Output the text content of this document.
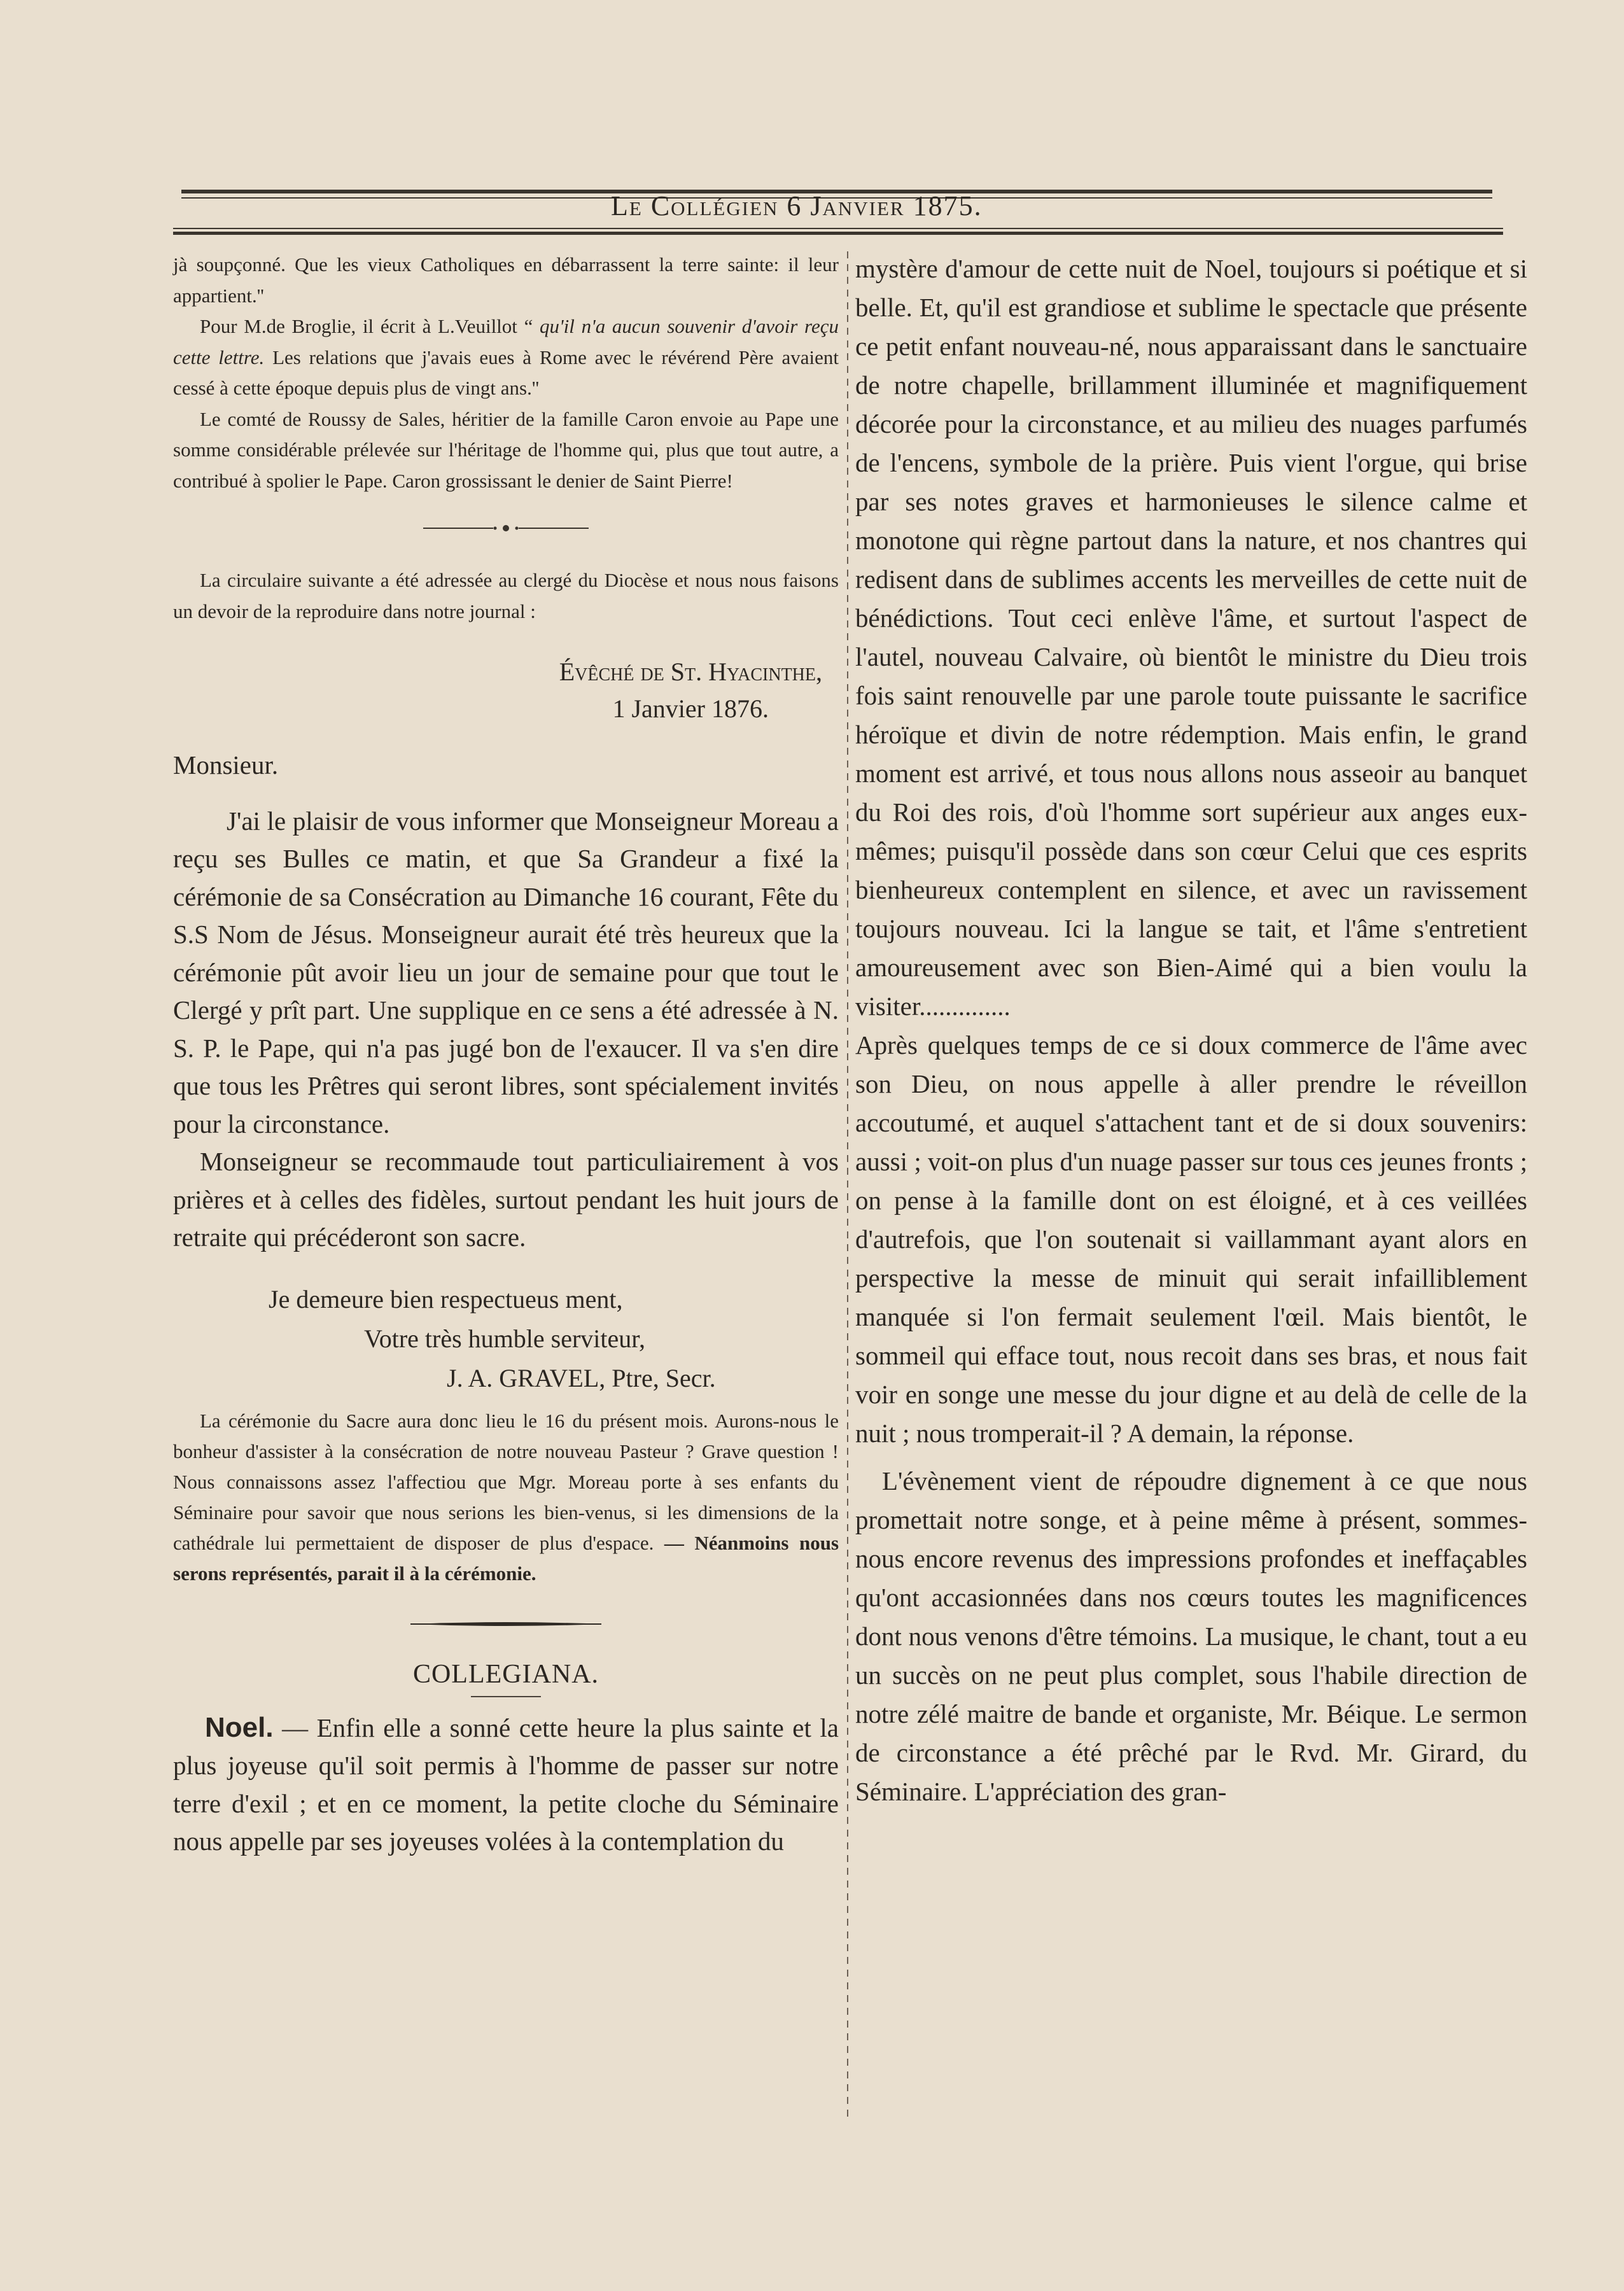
Le Collégien 6 Janvier 1875.

jà soupçonné. Que les vieux Catholiques en débarrassent la terre sainte: il leur appartient.''

Pour M.de Broglie, il écrit à L.Veuillot “ qu'il n'a aucun souvenir d'avoir reçu cette lettre. Les relations que j'avais eues à Rome avec le révérend Père avaient cessé à cette époque depuis plus de vingt ans.''

Le comté de Roussy de Sales, héritier de la famille Caron envoie au Pape une somme considérable prélevée sur l'héritage de l'homme qui, plus que tout autre, a contribué à spolier le Pape. Caron grossissant le denier de Saint Pierre!

La circulaire suivante a été adressée au clergé du Diocèse et nous nous faisons un devoir de la reproduire dans notre journal :

Évêché de St. Hyacinthe,
1 Janvier 1876.

Monsieur.

J'ai le plaisir de vous informer que Monseigneur Moreau a reçu ses Bulles ce matin, et que Sa Grandeur a fixé la cérémonie de sa Consécration au Dimanche 16 courant, Fête du S.S Nom de Jésus. Monseigneur aurait été très heureux que la cérémonie pût avoir lieu un jour de semaine pour que tout le Clergé y prît part. Une supplique en ce sens a été adressée à N. S. P. le Pape, qui n'a pas jugé bon de l'exaucer. Il va s'en dire que tous les Prêtres qui seront libres, sont spécialement invités pour la circonstance.

Monseigneur se recommaude tout particuliairement à vos prières et à celles des fidèles, surtout pendant les huit jours de retraite qui précéderont son sacre.

Je demeure bien respectueus ment,
Votre très humble serviteur,
J. A. GRAVEL, Ptre, Secr.

La cérémonie du Sacre aura donc lieu le 16 du présent mois. Aurons-nous le bonheur d'assister à la consécration de notre nouveau Pasteur ? Grave question ! Nous connaissons assez l'affectiou que Mgr. Moreau porte à ses enfants du Séminaire pour savoir que nous serions les bien-venus, si les dimensions de la cathédrale lui permettaient de disposer de plus d'espace. — Néanmoins nous serons représentés, parait il à la cérémonie.

COLLEGIANA.

Noel. — Enfin elle a sonné cette heure la plus sainte et la plus joyeuse qu'il soit permis à l'homme de passer sur notre terre d'exil ; et en ce moment, la petite cloche du Séminaire nous appelle par ses joyeuses volées à la contemplation du

mystère d'amour de cette nuit de Noel, toujours si poétique et si belle. Et, qu'il est grandiose et sublime le spectacle que présente ce petit enfant nouveau-né, nous apparaissant dans le sanctuaire de notre chapelle, brillamment illuminée et magnifiquement décorée pour la circonstance, et au milieu des nuages parfumés de l'encens, symbole de la prière. Puis vient l'orgue, qui brise par ses notes graves et harmonieuses le silence calme et monotone qui règne partout dans la nature, et nos chantres qui redisent dans de sublimes accents les merveilles de cette nuit de bénédictions. Tout ceci enlève l'âme, et surtout l'aspect de l'autel, nouveau Calvaire, où bientôt le ministre du Dieu trois fois saint renouvelle par une parole toute puissante le sacrifice héroïque et divin de notre rédemption. Mais enfin, le grand moment est arrivé, et tous nous allons nous asseoir au banquet du Roi des rois, d'où l'homme sort supérieur aux anges eux-mêmes; puisqu'il possède dans son cœur Celui que ces esprits bienheureux contemplent en silence, et avec un ravissement toujours nouveau. Ici la langue se tait, et l'âme s'entretient amoureusement avec son Bien-Aimé qui a bien voulu la visiter..............

Après quelques temps de ce si doux commerce de l'âme avec son Dieu, on nous appelle à aller prendre le réveillon accoutumé, et auquel s'attachent tant et de si doux souvenirs: aussi ; voit-on plus d'un nuage passer sur tous ces jeunes fronts ; on pense à la famille dont on est éloigné, et à ces veillées d'autrefois, que l'on soutenait si vaillammant ayant alors en perspective la messe de minuit qui serait infailliblement manquée si l'on fermait seulement l'œil. Mais bientôt, le sommeil qui efface tout, nous recoit dans ses bras, et nous fait voir en songe une messe du jour digne et au delà de celle de la nuit ; nous tromperait-il ? A demain, la réponse.

L'évènement vient de répoudre dignement à ce que nous promettait notre songe, et à peine même à présent, sommes-nous encore revenus des impressions profondes et ineffaçables qu'ont accasionnées dans nos cœurs toutes les magnificences dont nous venons d'être témoins. La musique, le chant, tout a eu un succès on ne peut plus complet, sous l'habile direction de notre zélé maitre de bande et organiste, Mr. Béique. Le sermon de circonstance a été prêché par le Rvd. Mr. Girard, du Séminaire. L'appréciation des gran-
